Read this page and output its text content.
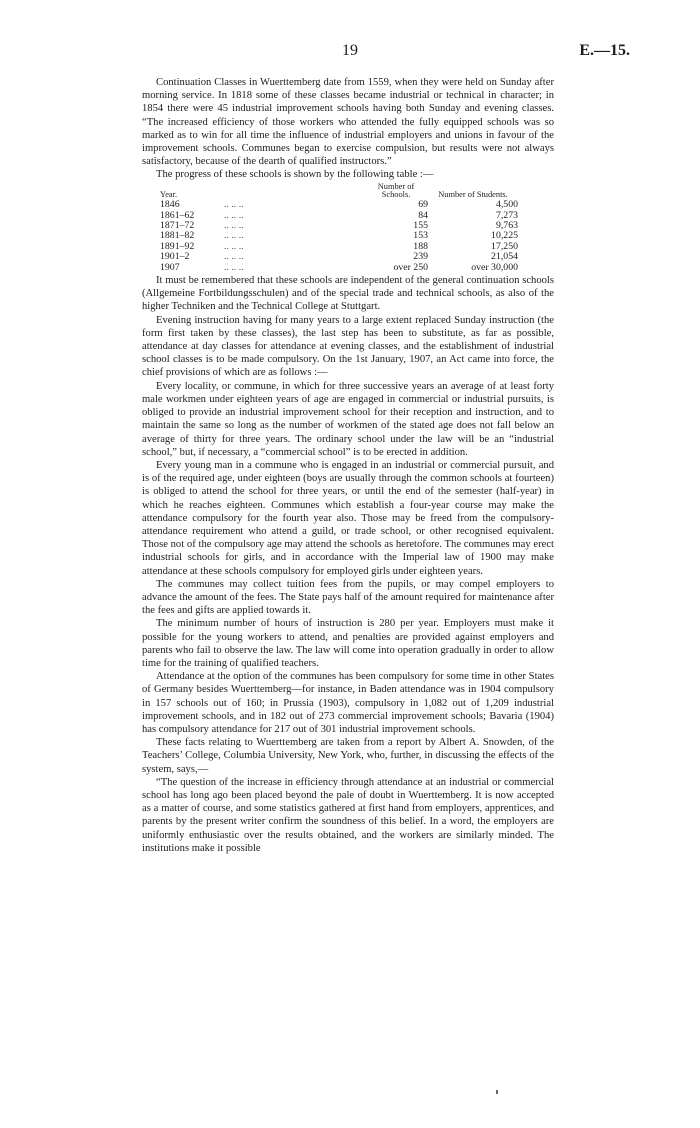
19	E.—15.

Continuation Classes in Wuerttemberg date from 1559, when they were held on Sunday after morning service. In 1818 some of these classes became industrial or technical in character; in 1854 there were 45 industrial improvement schools having both Sunday and evening classes. “The increased efficiency of those workers who attended the fully equipped schools was so marked as to win for all time the influence of industrial employers and unions in favour of the improvement schools. Communes began to exercise compulsion, but results were not always satisfactory, because of the dearth of qualified instructors.”

The progress of these schools is shown by the following table :—

Year.		Number of Schools.	Number of Students.
1846	.. .. ..	69	4,500
1861–62	.. .. ..	84	7,273
1871–72	.. .. ..	155	9,763
1881–82	.. .. ..	153	10,225
1891–92	.. .. ..	188	17,250
1901–2	.. .. ..	239	21,054
1907	.. .. ..	over 250	over 30,000

It must be remembered that these schools are independent of the general continuation schools (Allgemeine Fortbildungsschulen) and of the special trade and technical schools, as also of the higher Techniken and the Technical College at Stuttgart.

Evening instruction having for many years to a large extent replaced Sunday instruction (the form first taken by these classes), the last step has been to substitute, as far as possible, attendance at day classes for attendance at evening classes, and the establishment of industrial school classes is to be made compulsory. On the 1st January, 1907, an Act came into force, the chief provisions of which are as follows :—

Every locality, or commune, in which for three successive years an average of at least forty male workmen under eighteen years of age are engaged in commercial or industrial pursuits, is obliged to provide an industrial improvement school for their reception and instruction, and to maintain the same so long as the number of workmen of the stated age does not fall below an average of thirty for three years. The ordinary school under the law will be an “industrial school,” but, if necessary, a “commercial school” is to be erected in addition.

Every young man in a commune who is engaged in an industrial or commercial pursuit, and is of the required age, under eighteen (boys are usually through the common schools at fourteen) is obliged to attend the school for three years, or until the end of the semester (half-year) in which he reaches eighteen. Communes which establish a four-year course may make the attendance compulsory for the fourth year also. Those may be freed from the compulsory-attendance requirement who attend a guild, or trade school, or other recognised equivalent. Those not of the compulsory age may attend the schools as heretofore. The communes may erect industrial schools for girls, and in accordance with the Imperial law of 1900 may make attendance at these schools compulsory for employed girls under eighteen years.

The communes may collect tuition fees from the pupils, or may compel employers to advance the amount of the fees. The State pays half of the amount required for maintenance after the fees and gifts are applied towards it.

The minimum number of hours of instruction is 280 per year. Employers must make it possible for the young workers to attend, and penalties are provided against employers and parents who fail to observe the law. The law will come into operation gradually in order to allow time for the training of qualified teachers.

Attendance at the option of the communes has been compulsory for some time in other States of Germany besides Wuerttemberg—for instance, in Baden attendance was in 1904 compulsory in 157 schools out of 160; in Prussia (1903), compulsory in 1,082 out of 1,209 industrial improvement schools, and in 182 out of 273 commercial improvement schools; Bavaria (1904) has compulsory attendance for 217 out of 301 industrial improvement schools.

These facts relating to Wuerttemberg are taken from a report by Albert A. Snowden, of the Teachers’ College, Columbia University, New York, who, further, in discussing the effects of the system, says,—

“The question of the increase in efficiency through attendance at an industrial or commercial school has long ago been placed beyond the pale of doubt in Wuerttemberg. It is now accepted as a matter of course, and some statistics gathered at first hand from employers, apprentices, and parents by the present writer confirm the soundness of this belief. In a word, the employers are uniformly enthusiastic over the results obtained, and the workers are similarly minded. The institutions make it possible
